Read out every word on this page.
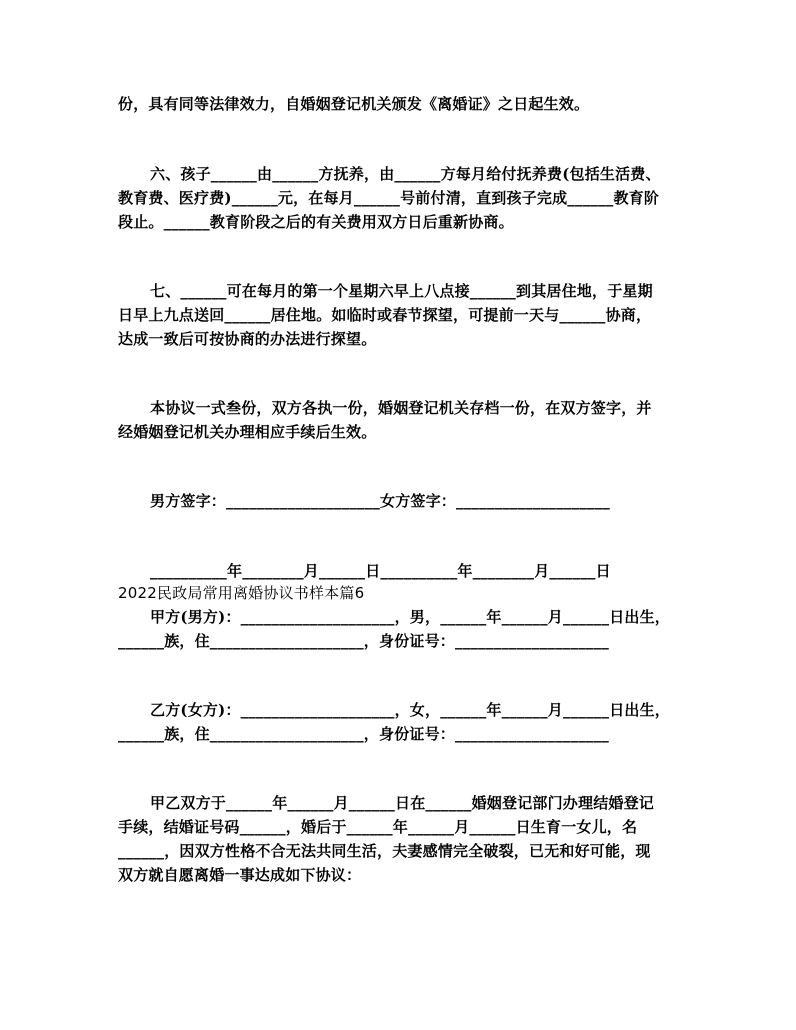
份，具有同等法律效力，自婚姻登记机关颁发《离婚证》之日起生效。
六、孩子______由______方抚养，由______方每月给付抚养费(包括生活费、
教育费、医疗费)______元，在每月______号前付清，直到孩子完成______教育阶
段止。______教育阶段之后的有关费用双方日后重新协商。
七、______可在每月的第一个星期六早上八点接______到其居住地，于星期
日早上九点送回______居住地。如临时或春节探望，可提前一天与______协商，
达成一致后可按协商的办法进行探望。
本协议一式叁份，双方各执一份，婚姻登记机关存档一份，在双方签字，并
经婚姻登记机关办理相应手续后生效。
男方签字：____________________女方签字：____________________
__________年________月______日__________年________月______日
2022民政局常用离婚协议书样本篇6
甲方(男方)：____________________，男，______年______月______日出生，
______族，住____________________，身份证号：____________________
乙方(女方)：____________________，女，______年______月______日出生，
______族，住____________________，身份证号：____________________
甲乙双方于______年______月______日在______婚姻登记部门办理结婚登记
手续，结婚证号码______，婚后于______年______月______日生育一女儿，名
______，因双方性格不合无法共同生活，夫妻感情完全破裂，已无和好可能，现
双方就自愿离婚一事达成如下协议：
